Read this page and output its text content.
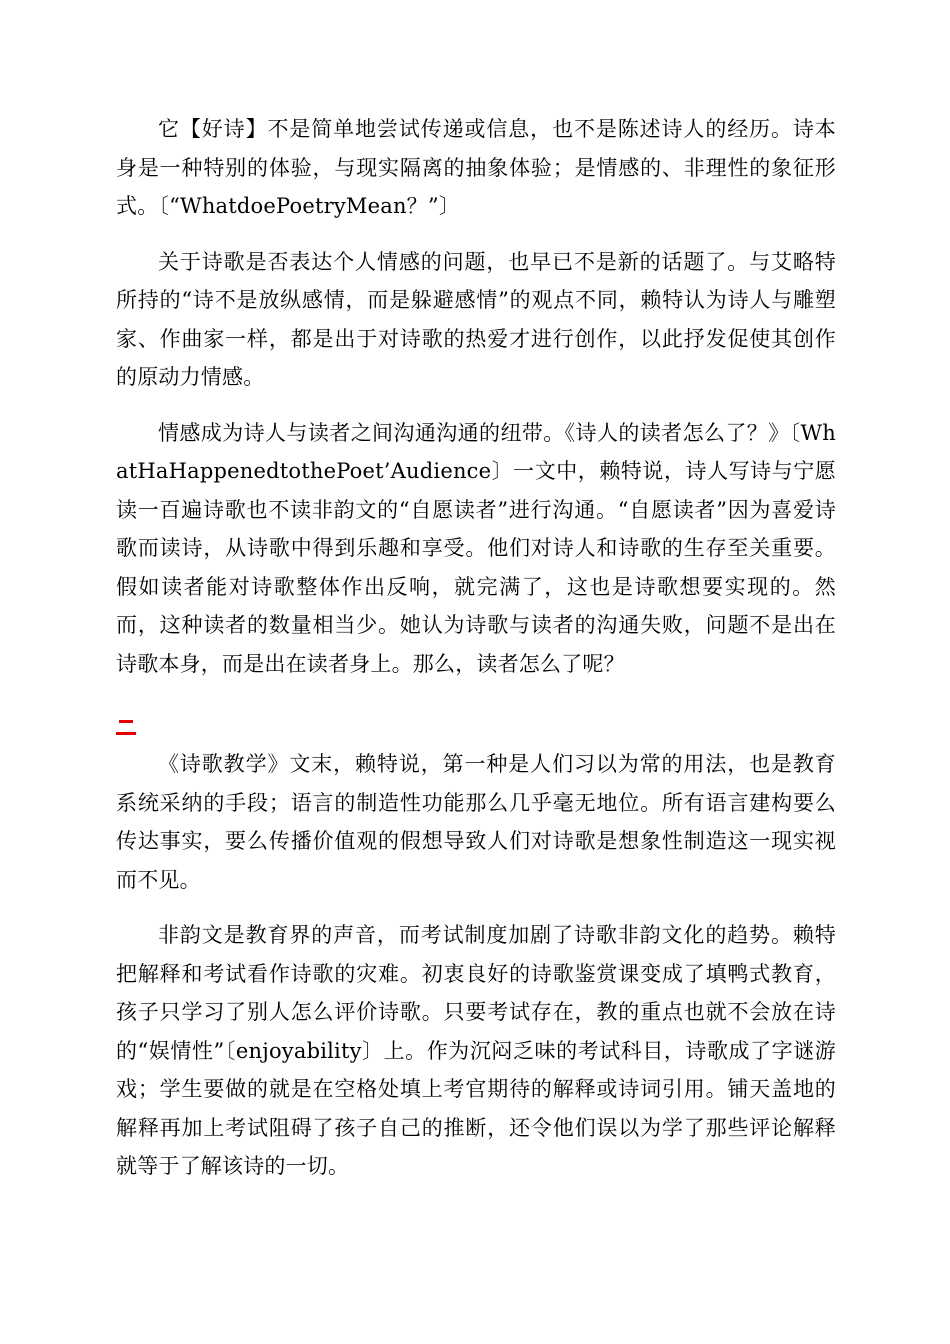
它【好诗】不是简单地尝试传递或信息，也不是陈述诗人的经历。诗本身是一种特别的体验，与现实隔离的抽象体验；是情感的、非理性的象征形式。〔“WhatdoePoetryMean？”〕

关于诗歌是否表达个人情感的问题，也早已不是新的话题了。与艾略特所持的“诗不是放纵感情，而是躲避感情”的观点不同，赖特认为诗人与雕塑家、作曲家一样，都是出于对诗歌的热爱才进行创作，以此抒发促使其创作的原动力情感。

情感成为诗人与读者之间沟通沟通的纽带。《诗人的读者怎么了？》〔WhatHaHappenedtothePoet’Audience〕一文中，赖特说，诗人写诗与宁愿读一百遍诗歌也不读非韵文的“自愿读者”进行沟通。“自愿读者”因为喜爱诗歌而读诗，从诗歌中得到乐趣和享受。他们对诗人和诗歌的生存至关重要。假如读者能对诗歌整体作出反响，就完满了，这也是诗歌想要实现的。然而，这种读者的数量相当少。她认为诗歌与读者的沟通失败，问题不是出在诗歌本身，而是出在读者身上。那么，读者怎么了呢？

《诗歌教学》文末，赖特说，第一种是人们习以为常的用法，也是教育系统采纳的手段；语言的制造性功能那么几乎毫无地位。所有语言建构要么传达事实，要么传播价值观的假想导致人们对诗歌是想象性制造这一现实视而不见。

非韵文是教育界的声音，而考试制度加剧了诗歌非韵文化的趋势。赖特把解释和考试看作诗歌的灾难。初衷良好的诗歌鉴赏课变成了填鸭式教育，孩子只学习了别人怎么评价诗歌。只要考试存在，教的重点也就不会放在诗的“娱情性”〔enjoyability〕上。作为沉闷乏味的考试科目，诗歌成了字谜游戏；学生要做的就是在空格处填上考官期待的解释或诗词引用。铺天盖地的解释再加上考试阻碍了孩子自己的推断，还令他们误以为学了那些评论解释就等于了解该诗的一切。
